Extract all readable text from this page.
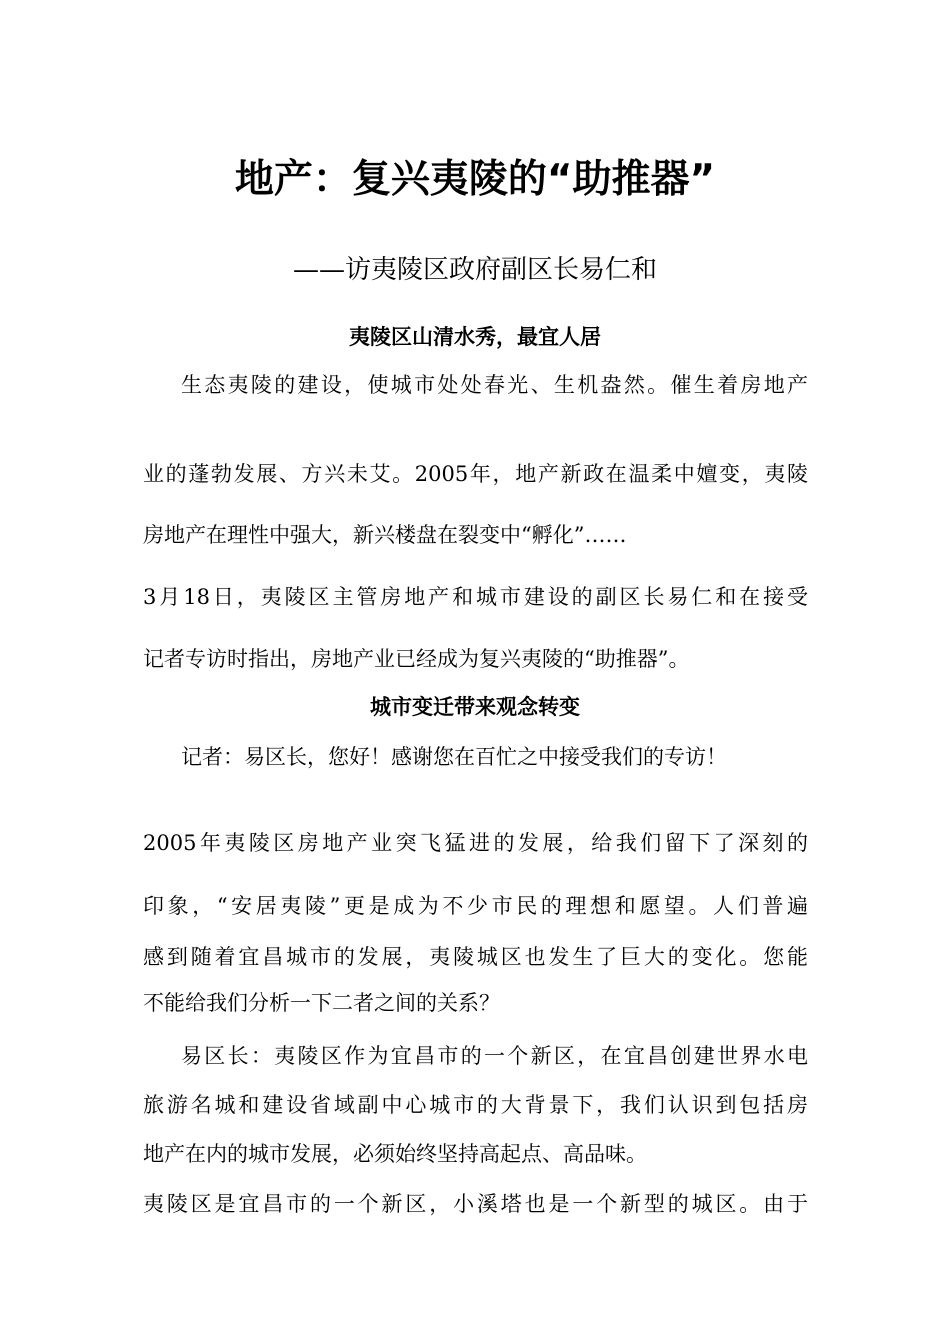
地产：复兴夷陵的“助推器”
——访夷陵区政府副区长易仁和
夷陵区山清水秀，最宜人居
生态夷陵的建设，使城市处处春光、生机盎然。催生着房地产
业的蓬勃发展、方兴未艾。2005年，地产新政在温柔中嬗变，夷陵
房地产在理性中强大，新兴楼盘在裂变中“孵化”……
3月18日，夷陵区主管房地产和城市建设的副区长易仁和在接受
记者专访时指出，房地产业已经成为复兴夷陵的“助推器”。
城市变迁带来观念转变
记者：易区长，您好！感谢您在百忙之中接受我们的专访！
2005年夷陵区房地产业突飞猛进的发展，给我们留下了深刻的
印象，“安居夷陵”更是成为不少市民的理想和愿望。人们普遍
感到随着宜昌城市的发展，夷陵城区也发生了巨大的变化。您能
不能给我们分析一下二者之间的关系？
易区长：夷陵区作为宜昌市的一个新区，在宜昌创建世界水电
旅游名城和建设省域副中心城市的大背景下，我们认识到包括房
地产在内的城市发展，必须始终坚持高起点、高品味。
夷陵区是宜昌市的一个新区，小溪塔也是一个新型的城区。由于
